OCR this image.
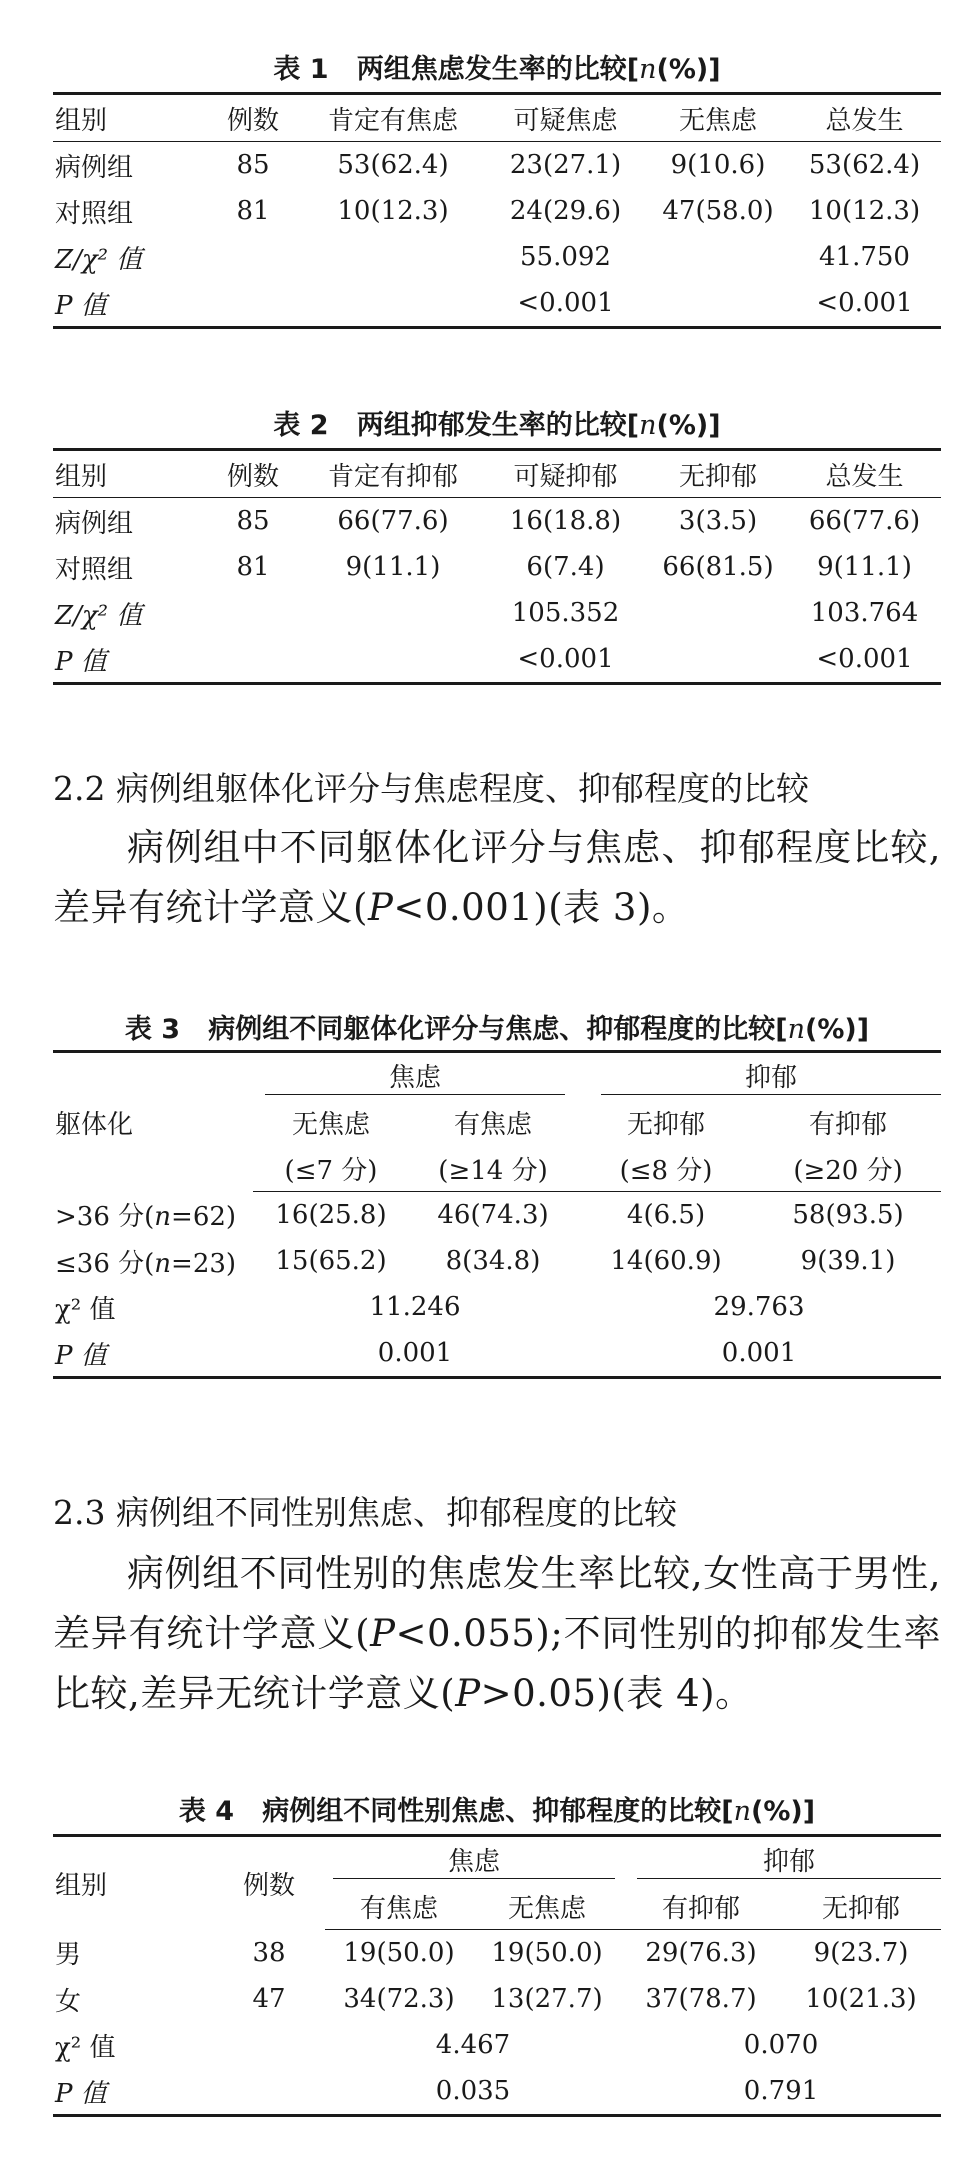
表 1 两组焦虑发生率的比较[n(%)]
组别	例数	肯定有焦虑	可疑焦虑	无焦虑	总发生
病例组	85	53(62.4)	23(27.1)	9(10.6)	53(62.4)
对照组	81	10(12.3)	24(29.6)	47(58.0)	10(12.3)
Z/χ² 值			55.092		41.750
P 值			<0.001		<0.001
表 2 两组抑郁发生率的比较[n(%)]
组别	例数	肯定有抑郁	可疑抑郁	无抑郁	总发生
病例组	85	66(77.6)	16(18.8)	3(3.5)	66(77.6)
对照组	81	9(11.1)	6(7.4)	66(81.5)	9(11.1)
Z/χ² 值			105.352		103.764
P 值			<0.001		<0.001
2.2 病例组躯体化评分与焦虑程度、抑郁程度的比较
病例组中不同躯体化评分与焦虑、抑郁程度比较,差异有统计学意义(P<0.001)(表 3)。
表 3 病例组不同躯体化评分与焦虑、抑郁程度的比较[n(%)]
躯体化	焦虑		抑郁	

	无焦虑	有焦虑	无抑郁	有抑郁
	(≤7 分)	(≥14 分)	(≤8 分)	(≥20 分)
>36 分(n=62)	16(25.8)	46(74.3)	4(6.5)	58(93.5)
≤36 分(n=23)	15(65.2)	8(34.8)	14(60.9)	9(39.1)
χ² 值	11.246		29.763	
P 值	0.001		0.001	
2.3 病例组不同性别焦虑、抑郁程度的比较
病例组不同性别的焦虑发生率比较,女性高于男性,差异有统计学意义(P<0.055);不同性别的抑郁发生率比较,差异无统计学意义(P>0.05)(表 4)。
表 4 病例组不同性别焦虑、抑郁程度的比较[n(%)]
组别	例数	焦虑		抑郁	

		有焦虑	无焦虑	有抑郁	无抑郁
男	38	19(50.0)	19(50.0)	29(76.3)	9(23.7)
女	47	34(72.3)	13(27.7)	37(78.7)	10(21.3)
χ² 值		4.467		0.070	
P 值		0.035		0.791	
